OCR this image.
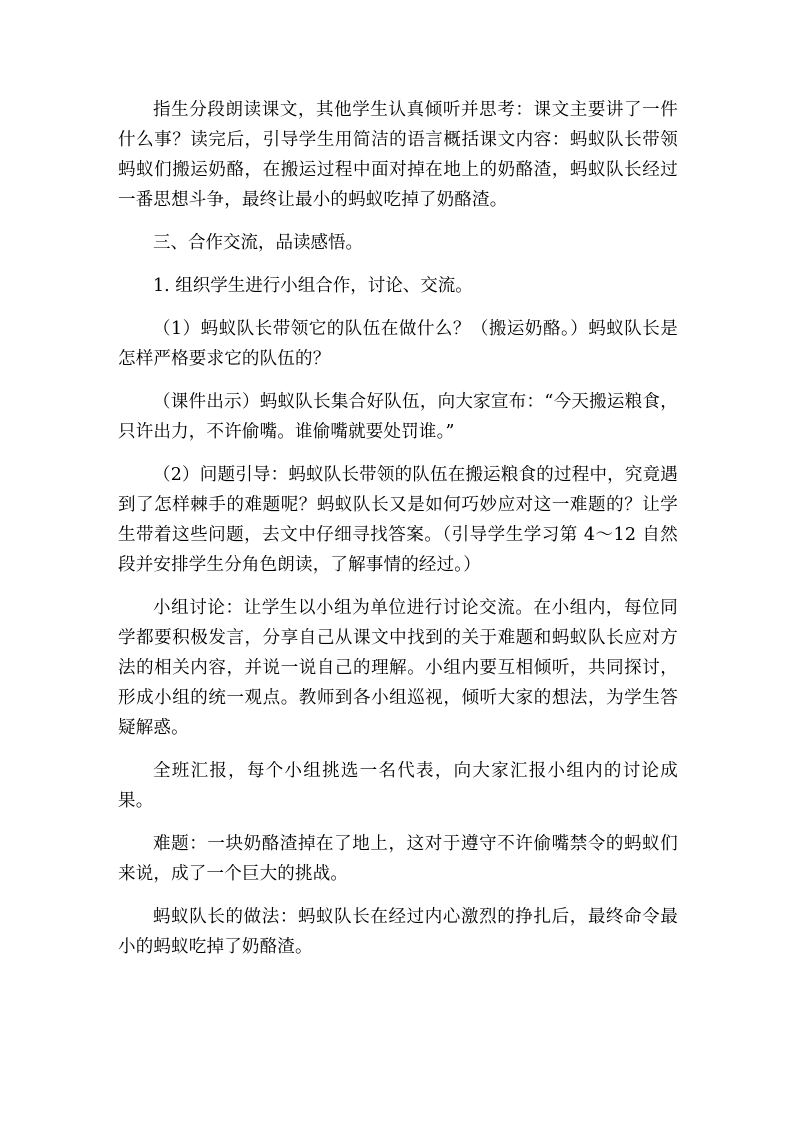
指生分段朗读课文，其他学生认真倾听并思考：课文主要讲了一件什么事？读完后，引导学生用简洁的语言概括课文内容：蚂蚁队长带领蚂蚁们搬运奶酪，在搬运过程中面对掉在地上的奶酪渣，蚂蚁队长经过一番思想斗争，最终让最小的蚂蚁吃掉了奶酪渣。

三、合作交流，品读感悟。

1. 组织学生进行小组合作，讨论、交流。

（1）蚂蚁队长带领它的队伍在做什么？（搬运奶酪。）蚂蚁队长是怎样严格要求它的队伍的？

（课件出示）蚂蚁队长集合好队伍，向大家宣布：“今天搬运粮食，只许出力，不许偷嘴。谁偷嘴就要处罚谁。”

（2）问题引导：蚂蚁队长带领的队伍在搬运粮食的过程中，究竟遇到了怎样棘手的难题呢？蚂蚁队长又是如何巧妙应对这一难题的？让学生带着这些问题，去文中仔细寻找答案。（引导学生学习第 4～12 自然段并安排学生分角色朗读，了解事情的经过。）

小组讨论：让学生以小组为单位进行讨论交流。在小组内，每位同学都要积极发言，分享自己从课文中找到的关于难题和蚂蚁队长应对方法的相关内容，并说一说自己的理解。小组内要互相倾听，共同探讨，形成小组的统一观点。教师到各小组巡视，倾听大家的想法，为学生答疑解惑。

全班汇报，每个小组挑选一名代表，向大家汇报小组内的讨论成果。

难题：一块奶酪渣掉在了地上，这对于遵守不许偷嘴禁令的蚂蚁们来说，成了一个巨大的挑战。

蚂蚁队长的做法：蚂蚁队长在经过内心激烈的挣扎后，最终命令最小的蚂蚁吃掉了奶酪渣。
